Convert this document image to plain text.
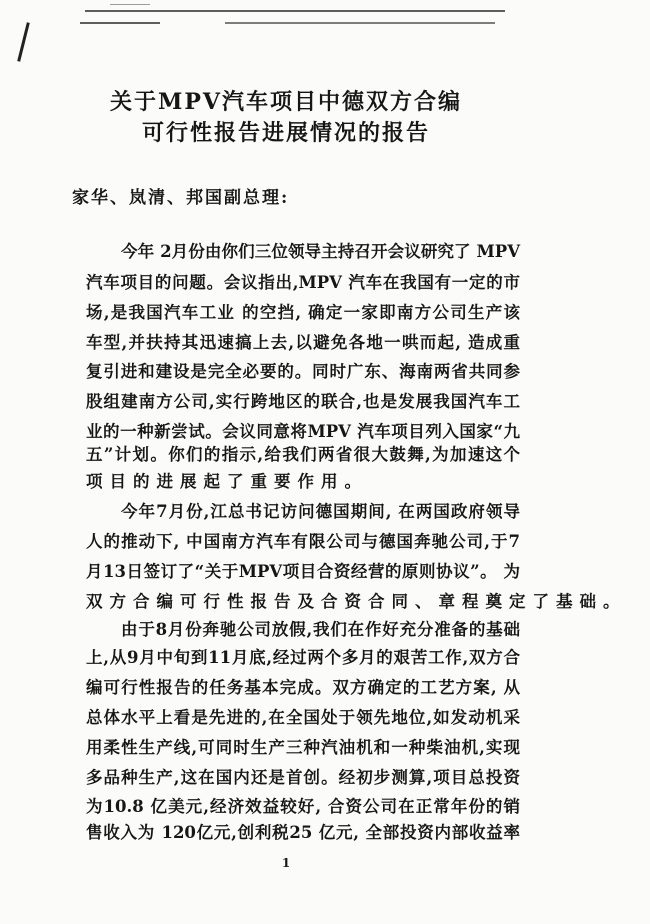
关于MPV汽车项目中德双方合编
可行性报告进展情况的报告
家华、岚清、邦国副总理:
今年 2月份由你们三位领导主持召开会议研究了 MPV
汽车项目的问题。会议指出,MPV 汽车在我国有一定的市
场,是我国汽车工业 的空挡, 确定一家即南方公司生产该
车型,并扶持其迅速搞上去,以避免各地一哄而起, 造成重
复引进和建设是完全必要的。同时广东、海南两省共同参
股组建南方公司,实行跨地区的联合,也是发展我国汽车工
业的一种新尝试。会议同意将MPV 汽车项目列入国家“九
五”计划。你们的指示,给我们两省很大鼓舞,为加速这个
项目的进展起了重要作用。
今年7月份,江总书记访问德国期间, 在两国政府领导
人的推动下, 中国南方汽车有限公司与德国奔驰公司,于7
月13日签订了“关于MPV项目合资经营的原则协议”。 为
双方合编可行性报告及合资合同、章程奠定了基础。
由于8月份奔驰公司放假,我们在作好充分准备的基础
上,从9月中旬到11月底,经过两个多月的艰苦工作,双方合
编可行性报告的任务基本完成。双方确定的工艺方案, 从
总体水平上看是先进的,在全国处于领先地位,如发动机采
用柔性生产线,可同时生产三种汽油机和一种柴油机,实现
多品种生产,这在国内还是首创。经初步测算,项目总投资
为10.8 亿美元,经济效益较好, 合资公司在正常年份的销
售收入为 120亿元,创利税25 亿元, 全部投资内部收益率
1
